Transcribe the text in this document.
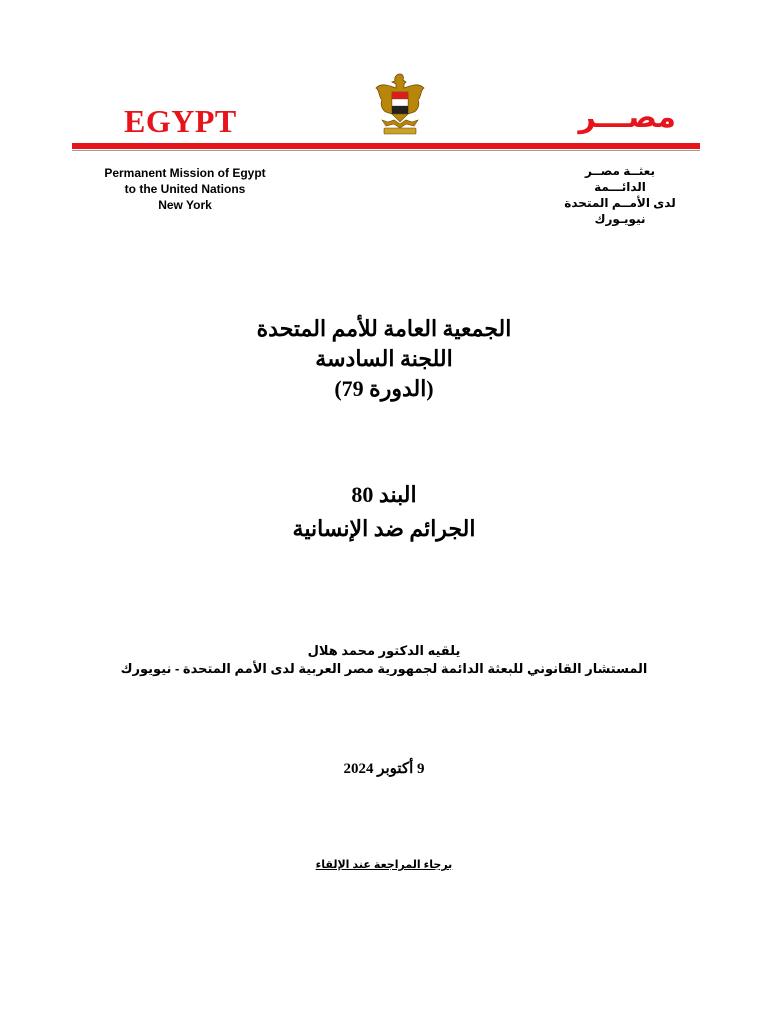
EGYPT	مصـــر
Permanent Mission of Egypt
to the United Nations
New York
بعثــة مصــر الدائـــمة
لدى الأمــم المتحدة
نيويـورك
الجمعية العامة للأمم المتحدة
اللجنة السادسة
(الدورة 79)
البند 80
الجرائم ضد الإنسانية
يلقيه الدكتور محمد هلال
المستشار القانوني للبعثة الدائمة لجمهورية مصر العربية لدى الأمم المتحدة - نيويورك
9 أكتوبر 2024
برجاء المراجعة عند الإلقاء
